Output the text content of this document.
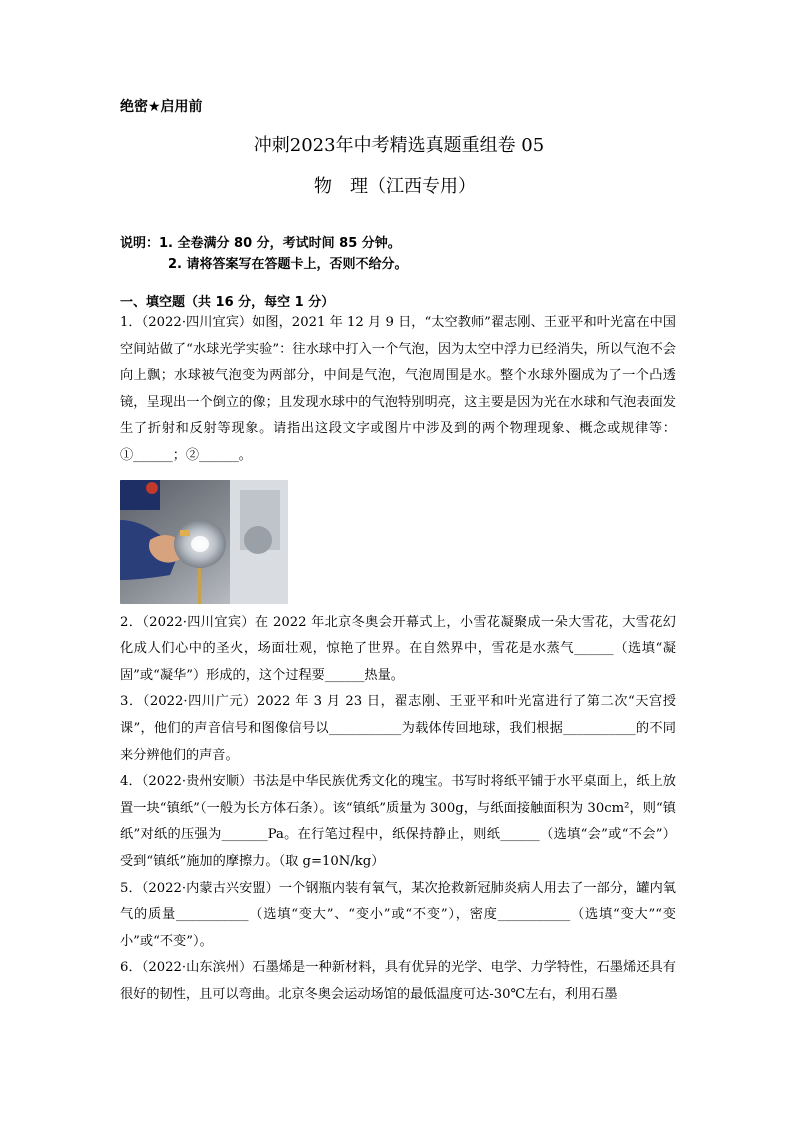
绝密★启用前
冲刺2023年中考精选真题重组卷 05
物　理（江西专用）
说明：1. 全卷满分 80 分，考试时间 85 分钟。
2. 请将答案写在答题卡上，否则不给分。
一、填空题（共 16 分，每空 1 分）

1．（2022·四川宜宾）如图，2021 年 12 月 9 日，“太空教师”翟志刚、王亚平和叶光富在中国空间站做了“水球光学实验”：往水球中打入一个气泡，因为太空中浮力已经消失，所以气泡不会向上飘；水球被气泡变为两部分，中间是气泡，气泡周围是水。整个水球外圈成为了一个凸透镜，呈现出一个倒立的像；且发现水球中的气泡特别明亮，这主要是因为光在水球和气泡表面发生了折射和反射等现象。请指出这段文字或图片中涉及到的两个物理现象、概念或规律等：①______；②______。

2．（2022·四川宜宾）在 2022 年北京冬奥会开幕式上，小雪花凝聚成一朵大雪花，大雪花幻化成人们心中的圣火，场面壮观，惊艳了世界。在自然界中，雪花是水蒸气______（选填“凝固”或“凝华”）形成的，这个过程要______热量。

3．（2022·四川广元）2022 年 3 月 23 日，翟志刚、王亚平和叶光富进行了第二次“天宫授课”，他们的声音信号和图像信号以___________为载体传回地球，我们根据___________的不同来分辨他们的声音。

4．（2022·贵州安顺）书法是中华民族优秀文化的瑰宝。书写时将纸平铺于水平桌面上，纸上放置一块“镇纸”（一般为长方体石条）。该“镇纸”质量为 300g，与纸面接触面积为 30cm²，则“镇纸”对纸的压强为_______Pa。在行笔过程中，纸保持静止，则纸______（选填“会”或“不会”）受到“镇纸”施加的摩擦力。（取 g=10N/kg）

5．（2022·内蒙古兴安盟）一个钢瓶内装有氧气，某次抢救新冠肺炎病人用去了一部分，罐内氧气的质量___________（选填“变大”、“变小”或“不变”），密度___________（选填“变大”“变小”或“不变”）。

6．（2022·山东滨州）石墨烯是一种新材料，具有优异的光学、电学、力学特性，石墨烯还具有很好的韧性，且可以弯曲。北京冬奥会运动场馆的最低温度可达-30℃左右，利用石墨
